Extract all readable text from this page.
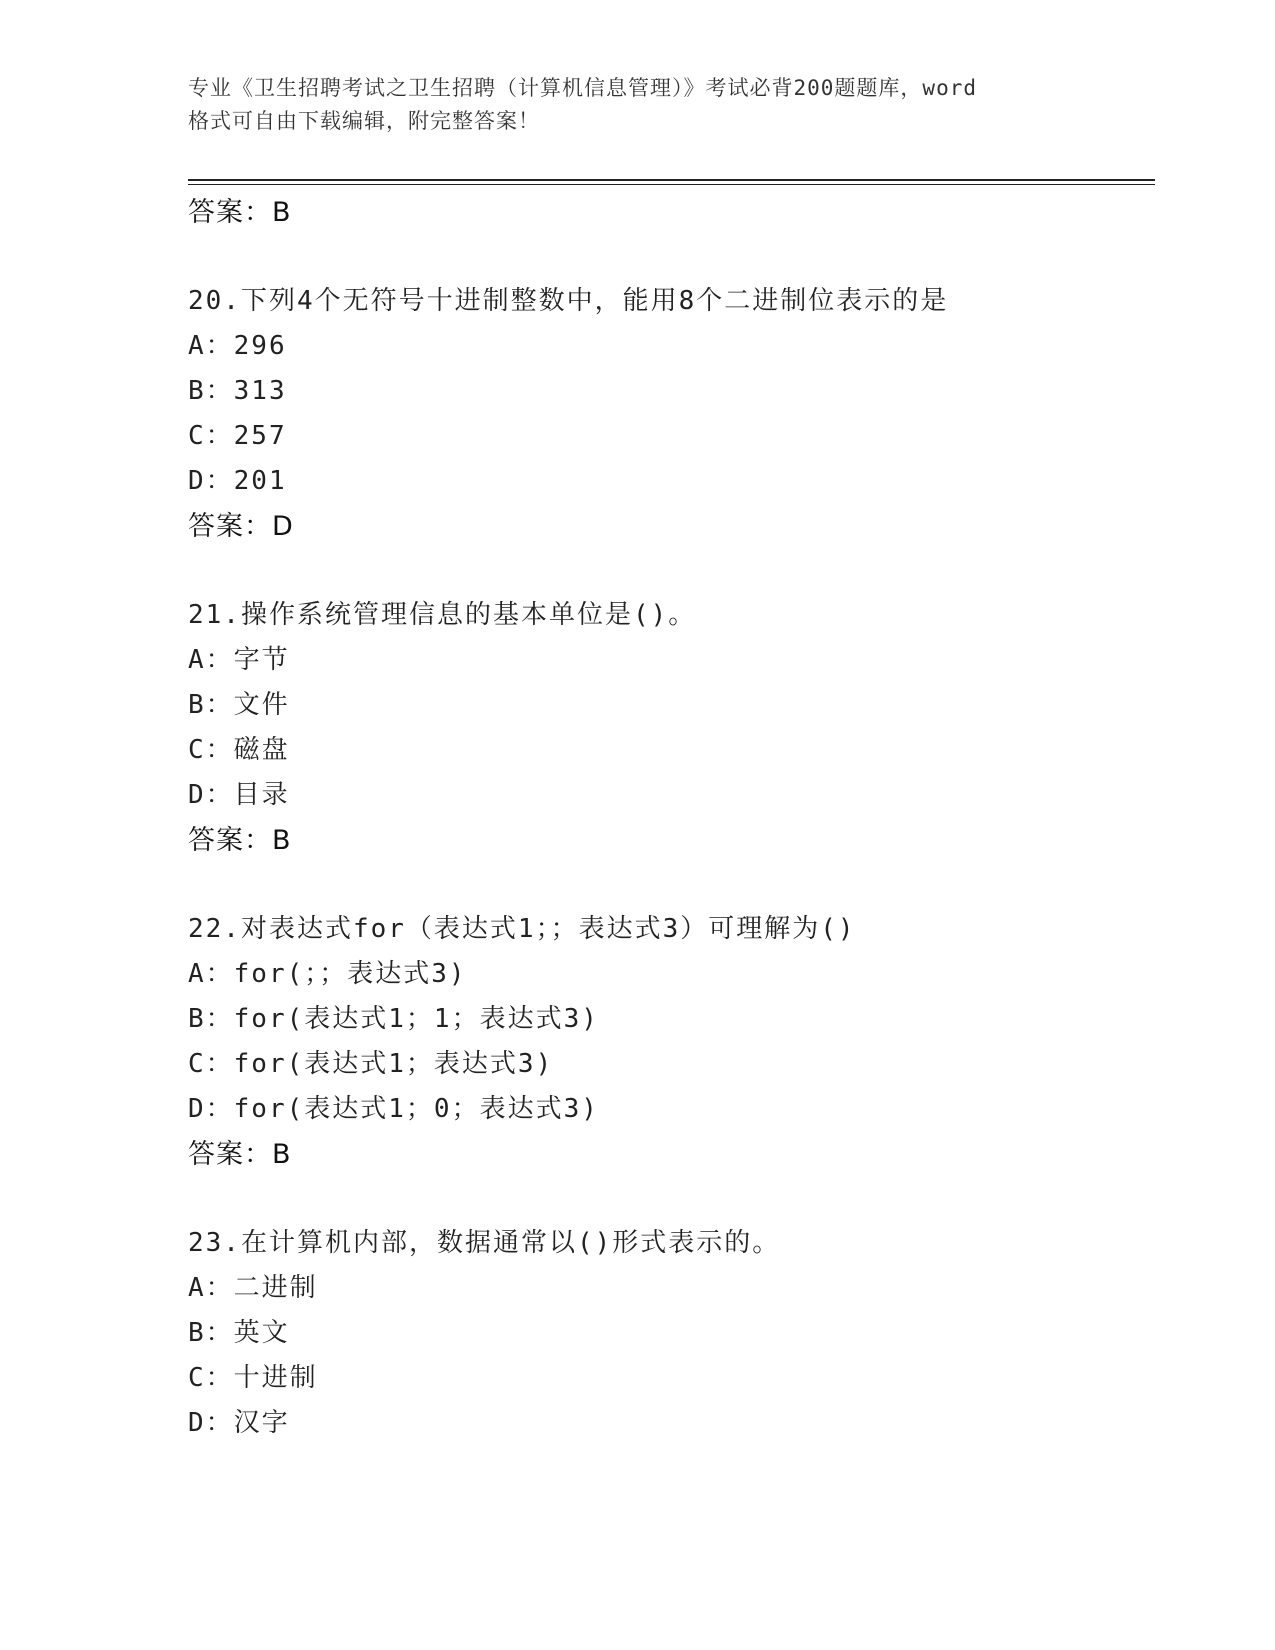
专业《卫生招聘考试之卫生招聘（计算机信息管理）》考试必背200题题库，word
格式可自由下载编辑，附完整答案！
答案：B
20.下列4个无符号十进制整数中，能用8个二进制位表示的是
A：296
B：313
C：257
D：201
答案：D
21.操作系统管理信息的基本单位是()。
A：字节
B：文件
C：磁盘
D：目录
答案：B
22.对表达式for（表达式1；；表达式3）可理解为()
A：for(；；表达式3)
B：for(表达式1；1；表达式3)
C：for(表达式1；表达式3)
D：for(表达式1；0；表达式3)
答案：B
23.在计算机内部，数据通常以()形式表示的。
A：二进制
B：英文
C：十进制
D：汉字
